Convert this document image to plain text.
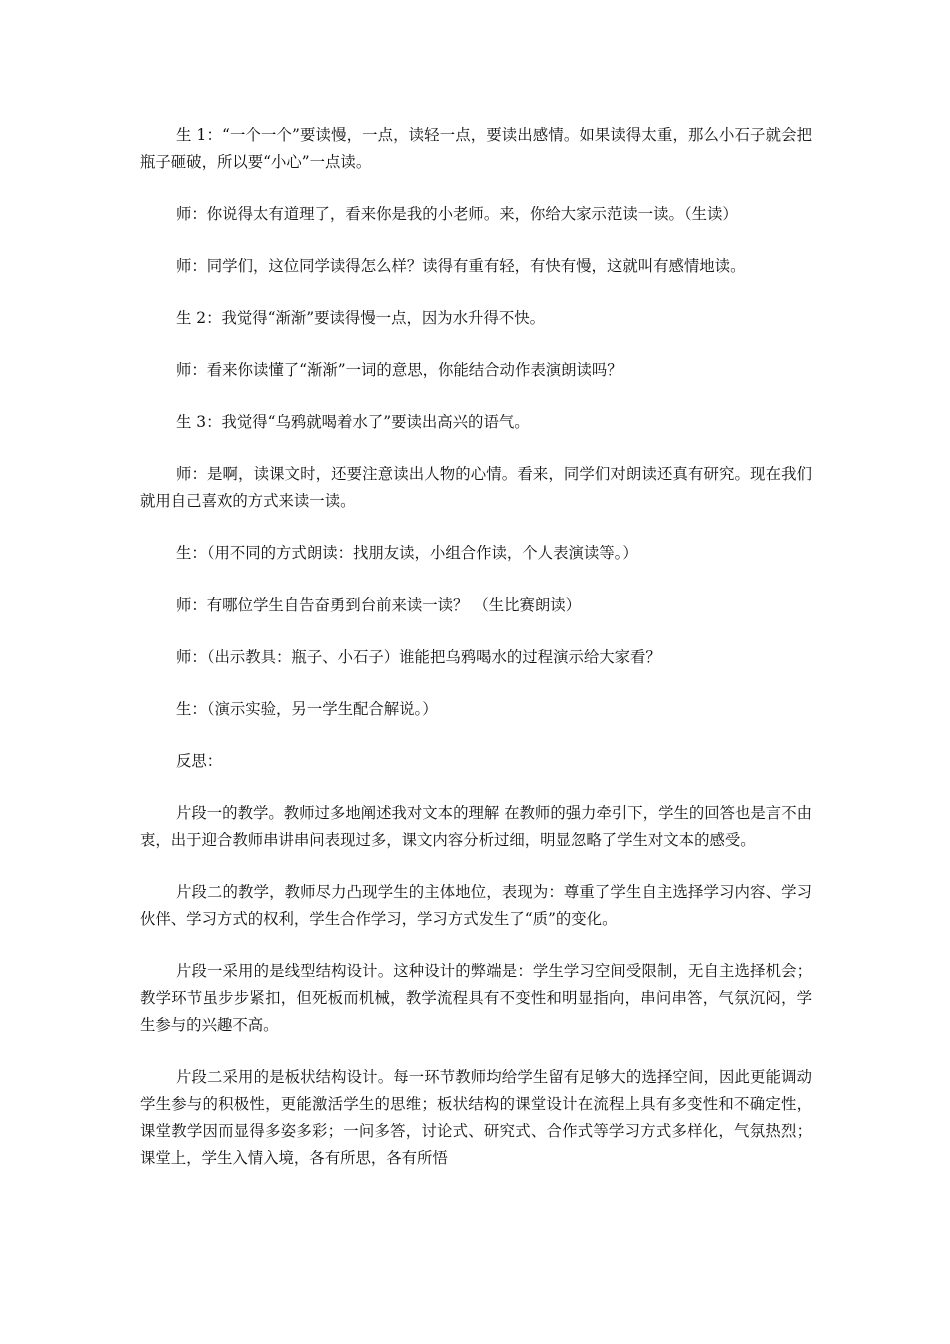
生 1：“一个一个”要读慢，一点，读轻一点，要读出感情。如果读得太重，那么小石子就会把瓶子砸破，所以要“小心”一点读。

师：你说得太有道理了，看来你是我的小老师。来，你给大家示范读一读。（生读）

师：同学们，这位同学读得怎么样？读得有重有轻，有快有慢，这就叫有感情地读。

生 2：我觉得“渐渐”要读得慢一点，因为水升得不快。

师：看来你读懂了“渐渐”一词的意思，你能结合动作表演朗读吗？

生 3：我觉得“乌鸦就喝着水了”要读出高兴的语气。

师：是啊，读课文时，还要注意读出人物的心情。看来，同学们对朗读还真有研究。现在我们就用自己喜欢的方式来读一读。

生：（用不同的方式朗读：找朋友读，小组合作读，个人表演读等。）

师：有哪位学生自告奋勇到台前来读一读？ （生比赛朗读）

师：（出示教具：瓶子、小石子）谁能把乌鸦喝水的过程演示给大家看？

生：（演示实验，另一学生配合解说。）

反思：

片段一的教学。教师过多地阐述我对文本的理解 在教师的强力牵引下，学生的回答也是言不由衷，出于迎合教师串讲串问表现过多，课文内容分析过细，明显忽略了学生对文本的感受。

片段二的教学，教师尽力凸现学生的主体地位，表现为：尊重了学生自主选择学习内容、学习伙伴、学习方式的权利，学生合作学习，学习方式发生了“质”的变化。

片段一采用的是线型结构设计。这种设计的弊端是：学生学习空间受限制，无自主选择机会；教学环节虽步步紧扣，但死板而机械，教学流程具有不变性和明显指向，串问串答，气氛沉闷，学生参与的兴趣不高。

片段二采用的是板状结构设计。每一环节教师均给学生留有足够大的选择空间，因此更能调动学生参与的积极性，更能激活学生的思维；板状结构的课堂设计在流程上具有多变性和不确定性，课堂教学因而显得多姿多彩；一问多答，讨论式、研究式、合作式等学习方式多样化，气氛热烈；课堂上，学生入情入境，各有所思，各有所悟
